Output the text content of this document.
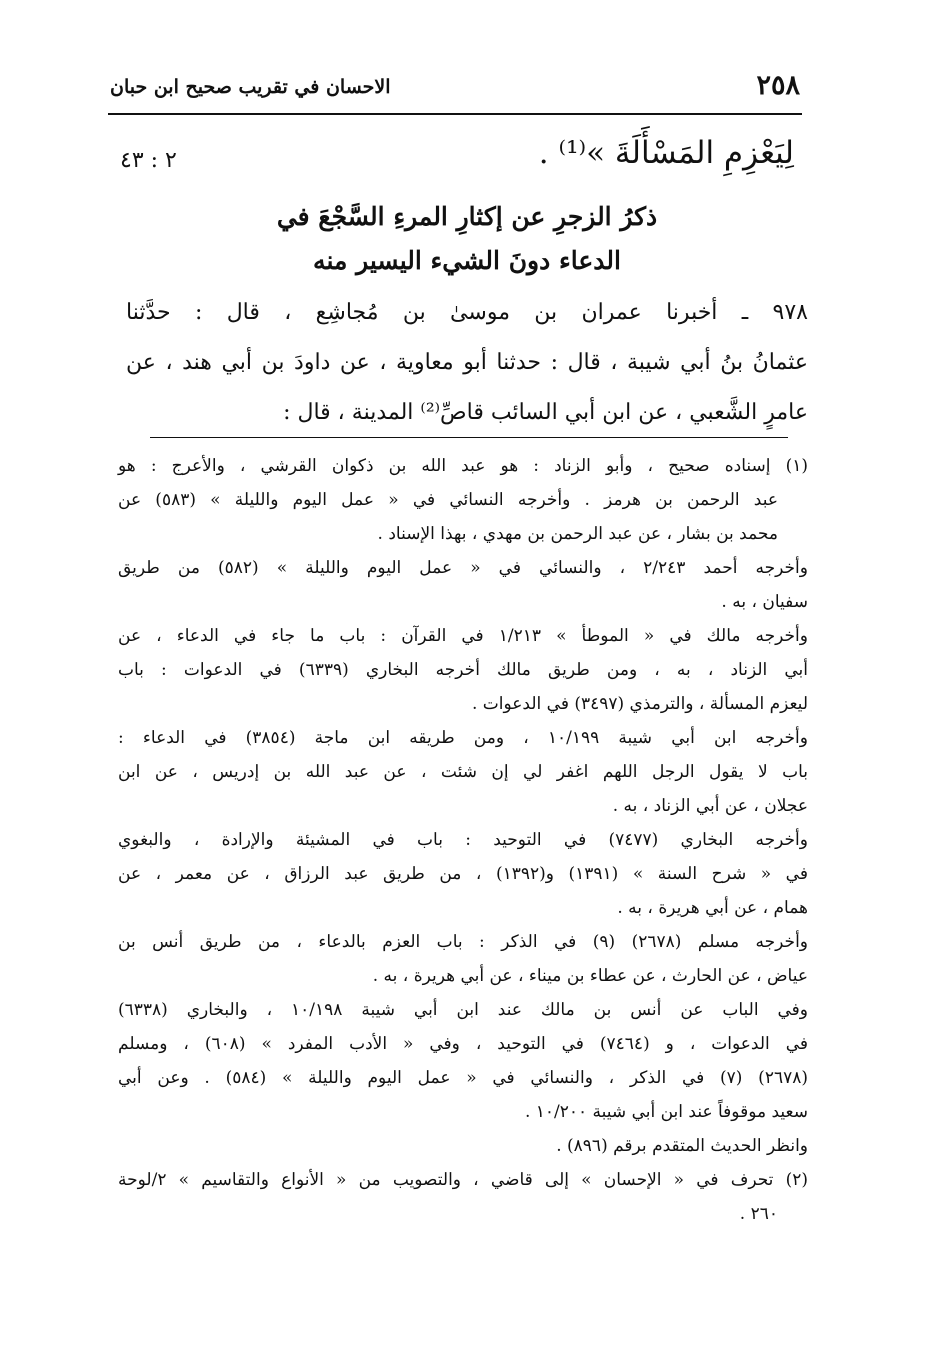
٢٥٨
الاحسان في تقريب صحيح ابن حبان
لِيَعْزِمِ المَسْأَلَةَ »⁽¹⁾ .
٢ : ٤٣
ذكرُ الزجرِ عن إكثارِ المرءِ السَّجْعَ في
الدعاء دونَ الشيء اليسير منه
٩٧٨ ـ أخبرنا عمران بن موسىٰ بن مُجاشِع ، قال : حدَّثنا
عثمانُ بنُ أبي شيبة ، قال : حدثنا أبو معاوية ، عن داودَ بن أبي هند ، عن
عامرٍ الشَّعبي ، عن ابن أبي السائب قاصِّ⁽²⁾ المدينة ، قال :
(١) إسناده صحيح ، وأبو الزناد : هو عبد الله بن ذكوان القرشي ، والأعرج : هو
عبد الرحمن بن هرمز . وأخرجه النسائي في « عمل اليوم والليلة » (٥٨٣) عن
محمد بن بشار ، عن عبد الرحمن بن مهدي ، بهذا الإسناد .
وأخرجه أحمد ٢/٢٤٣ ، والنسائي في « عمل اليوم والليلة » (٥٨٢) من طريق
سفيان ، به .
وأخرجه مالك في « الموطأ » ١/٢١٣ في القرآن : باب ما جاء في الدعاء ، عن
أبي الزناد ، به ، ومن طريق مالك أخرجه البخاري (٦٣٣٩) في الدعوات : باب
ليعزم المسألة ، والترمذي (٣٤٩٧) في الدعوات .
وأخرجه ابن أبي شيبة ١٠/١٩٩ ، ومن طريقه ابن ماجة (٣٨٥٤) في الدعاء :
باب لا يقول الرجل اللهم اغفر لي إن شئت ، عن عبد الله بن إدريس ، عن ابن
عجلان ، عن أبي الزناد ، به .
وأخرجه البخاري (٧٤٧٧) في التوحيد : باب في المشيئة والإرادة ، والبغوي
في « شرح السنة » (١٣٩١) و(١٣٩٢) ، من طريق عبد الرزاق ، عن معمر ، عن
همام ، عن أبي هريرة ، به .
وأخرجه مسلم (٢٦٧٨) (٩) في الذكر : باب العزم بالدعاء ، من طريق أنس بن
عياض ، عن الحارث ، عن عطاء بن ميناء ، عن أبي هريرة ، به .
وفي الباب عن أنس بن مالك عند ابن أبي شيبة ١٠/١٩٨ ، والبخاري (٦٣٣٨)
في الدعوات ، و (٧٤٦٤) في التوحيد ، وفي « الأدب المفرد » (٦٠٨) ، ومسلم
(٢٦٧٨) (٧) في الذكر ، والنسائي في « عمل اليوم والليلة » (٥٨٤) . وعن أبي
سعيد موقوفاً عند ابن أبي شيبة ١٠/٢٠٠ .
وانظر الحديث المتقدم برقم (٨٩٦) .
(٢) تحرف في « الإحسان » إلى قاضي ، والتصويب من « الأنواع والتقاسيم » ٢/لوحة
٢٦٠ .
